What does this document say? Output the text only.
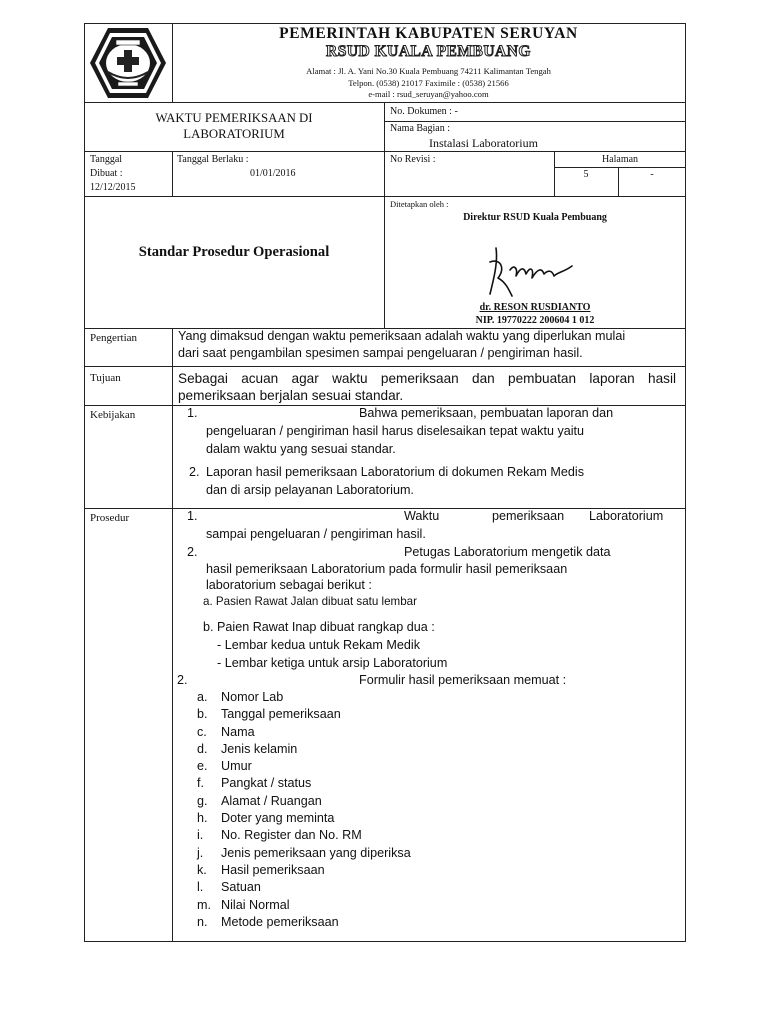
PEMERINTAH KABUPATEN SERUYAN
RSUD KUALA PEMBUANG
Alamat : Jl. A. Yani No.30 Kuala Pembuang 74211 Kalimantan Tengah
Telpon. (0538) 21017 Faximile : (0538) 21566
e-mail : rsud_seruyan@yahoo.com
WAKTU PEMERIKSAAN DI
LABORATORIUM
No. Dokumen : -
Nama Bagian :
Instalasi Laboratorium
Tanggal
Dibuat :
12/12/2015
Tanggal Berlaku :
01/01/2016
No Revisi :	Halaman
5	-
Standar Prosedur Operasional
Ditetapkan oleh :
Direktur RSUD Kuala Pembuang
dr. RESON RUSDIANTO
NIP. 19770222 200604 1 012
Pengertian	Yang dimaksud dengan waktu pemeriksaan adalah waktu yang diperlukan mulai
dari saat pengambilan spesimen sampai pengeluaran / pengiriman hasil.
Tujuan	Sebagai acuan agar waktu pemeriksaan dan pembuatan laporan hasil
pemeriksaan berjalan sesuai standar.
Kebijakan	1.	Bahwa pemeriksaan, pembuatan laporan dan
pengeluaran / pengiriman hasil harus diselesaikan tepat waktu yaitu
dalam waktu yang sesuai standar.
2. Laporan hasil pemeriksaan Laboratorium di dokumen Rekam Medis
dan di arsip pelayanan Laboratorium.
Prosedur	1.	Waktu	pemeriksaan Laboratorium
sampai pengeluaran / pengiriman hasil.
2.	Petugas Laboratorium mengetik data
hasil pemeriksaan Laboratorium pada formulir hasil pemeriksaan
laboratorium sebagai berikut :
a. Pasien Rawat Jalan dibuat satu lembar
b. Paien Rawat Inap dibuat rangkap dua :
- Lembar kedua untuk Rekam Medik
- Lembar ketiga untuk arsip Laboratorium
2.	Formulir hasil pemeriksaan memuat :
a. Nomor Lab
b. Tanggal pemeriksaan
c. Nama
d. Jenis kelamin
e. Umur
f. Pangkat / status
g. Alamat / Ruangan
h. Doter yang meminta
i. No. Register dan No. RM
j. Jenis pemeriksaan yang diperiksa
k. Hasil pemeriksaan
l. Satuan
m. Nilai Normal
n. Metode pemeriksaan
